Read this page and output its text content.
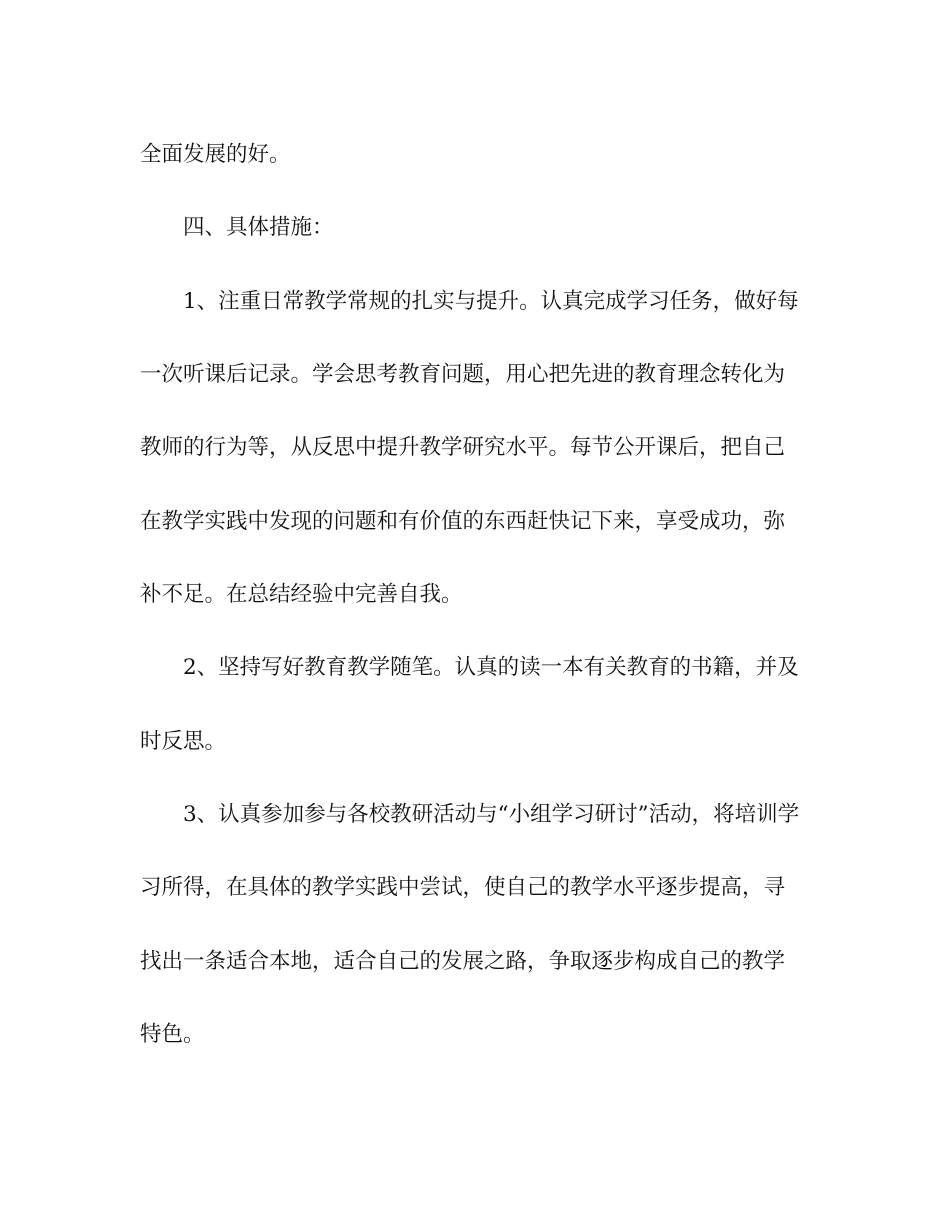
全面发展的好。
四、具体措施：
1、注重日常教学常规的扎实与提升。认真完成学习任务，做好每
一次听课后记录。学会思考教育问题，用心把先进的教育理念转化为
教师的行为等，从反思中提升教学研究水平。每节公开课后，把自己
在教学实践中发现的问题和有价值的东西赶快记下来，享受成功，弥
补不足。在总结经验中完善自我。
2、坚持写好教育教学随笔。认真的读一本有关教育的书籍，并及
时反思。
3、认真参加参与各校教研活动与“小组学习研讨”活动，将培训学
习所得，在具体的教学实践中尝试，使自己的教学水平逐步提高，寻
找出一条适合本地，适合自己的发展之路，争取逐步构成自己的教学
特色。
